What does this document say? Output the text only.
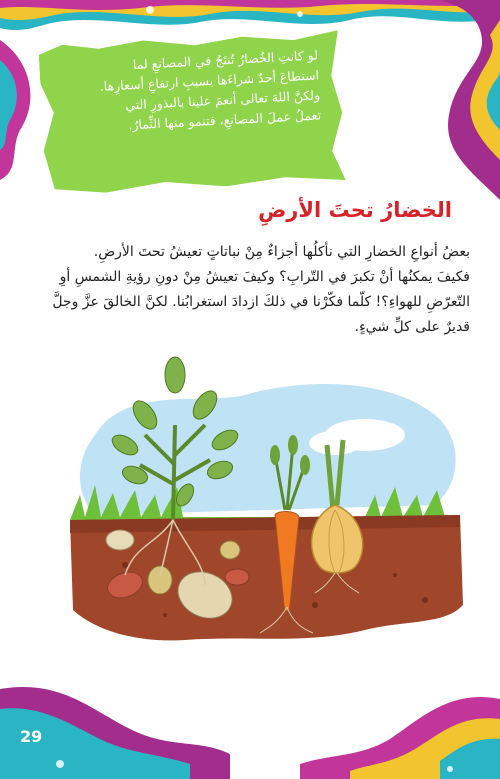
لو كانتِ الخُضارُ تُنتَجُ في المصانعِ لما
استطاعَ أحدٌ شراءَها بسببِ ارتفاعِ أسعارِها.
ولكنَّ اللهَ تعالى أنعمَ علينا بالبذورِ التي
تعملُ عملَ المصانعِ، فتنمو منها الثِّمارُ.
الخضارُ تحتَ الأرضِ
بعضُ أنواعِ الخضارِ التي نأكلُها أجزاءٌ مِنْ نباتاتٍ تعيشُ تحتَ الأرضِ.
فكيفَ يمكنُها أنْ تكبرَ في التّرابِ؟ وكيفَ تعيشُ مِنْ دونِ رؤيةِ الشمسِ أوِ
التّعرّضِ للهواءِ؟! كلّما فكّرْنا في ذلكَ ازدادَ استغرابُنا. لكنَّ الخالقَ عزَّ وجلَّ
قديرٌ على كلِّ شيءٍ.
29
